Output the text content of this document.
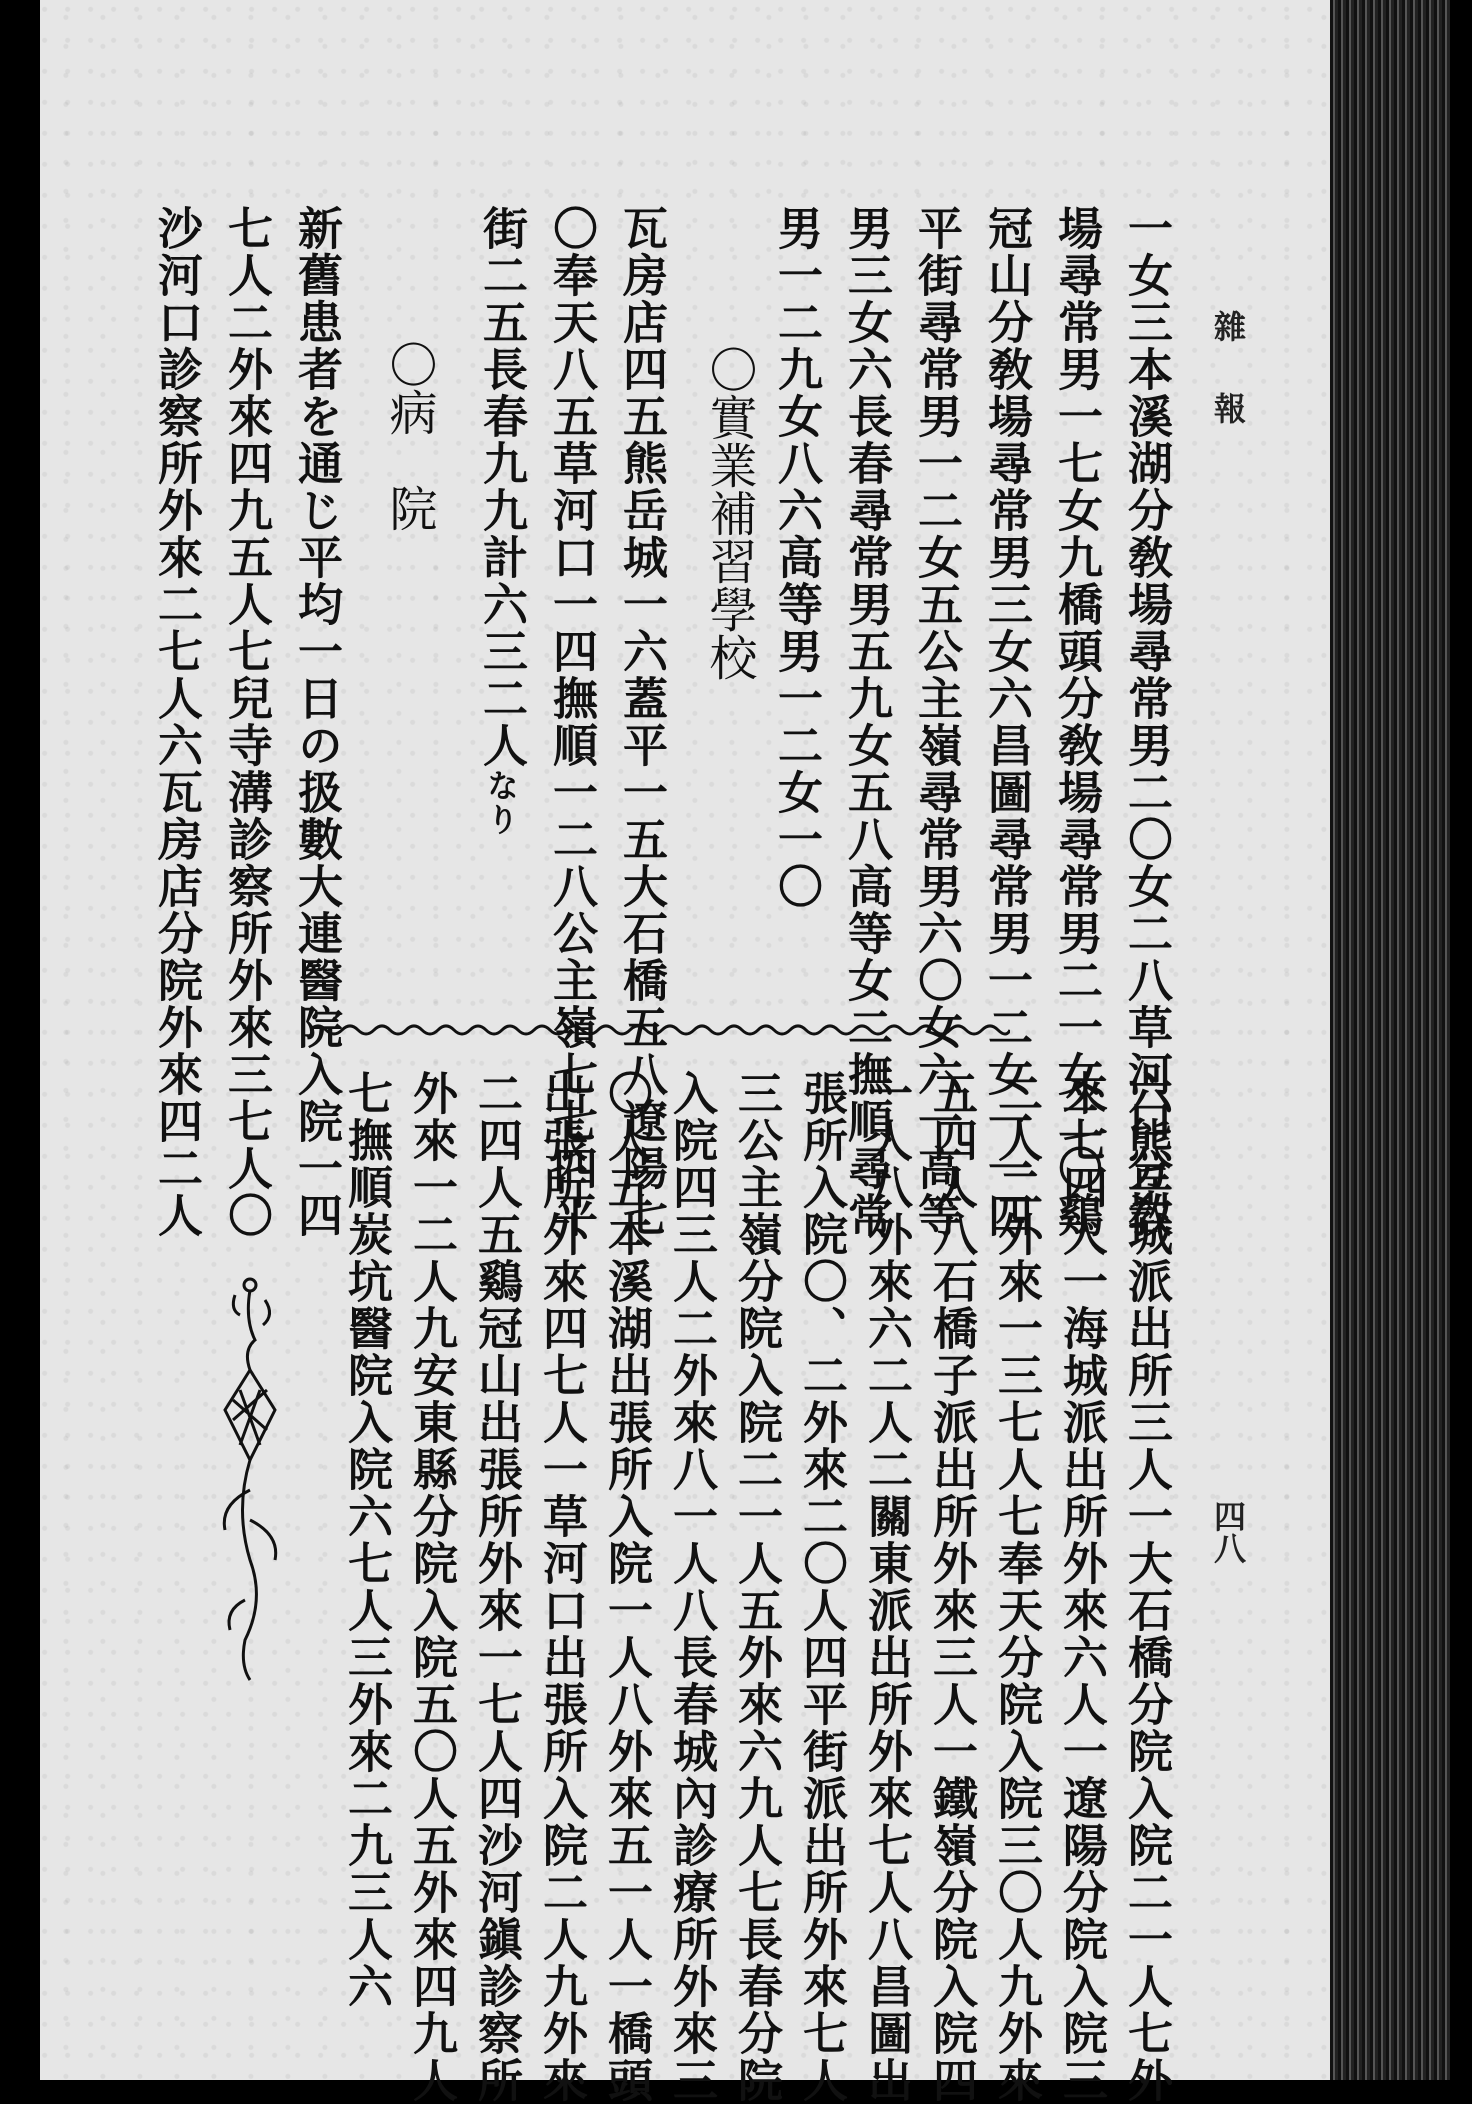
雜報
四八
一女三本溪湖分敎場尋常男二〇女二八草河口分敎
場尋常男一七女九橋頭分敎場尋常男二一女二〇鷄
冠山分敎場尋常男三女六昌圖尋常男一二女一一四
平街尋常男一二女五公主嶺尋常男六〇女六一高等
男三女六長春尋常男五九女五八高等女二撫順尋常
男一二九女八六高等男一二女一〇
〇實業補習學校
瓦房店四五熊岳城一六蓋平一五大石橋五八遼陽七
〇奉天八五草河口一四撫順一二八公主嶺七七四平
街二五長春九九計六三二人なり
〇病　院
新舊患者を通じ平均一日の扱數大連醫院入院一四
七人二外來四九五人七兒寺溝診察所外來三七人〇
沙河口診察所外來二七人六瓦房店分院外來四二人
六熊岳城派出所三人一大石橋分院入院二一人七外
來七四人一海城派出所外來六人一遼陽分院入院三
二人二外來一三七人七奉天分院入院三〇人九外來
五四人八石橋子派出所外來三人一鐵嶺分院入院四
一人八外來六二人二關東派出所外來七人八昌圖出
張所入院〇、二外來二〇人四平街派出所外來七人
三公主嶺分院入院二一人五外來六九人七長春分院
入院四三人二外來八一人八長春城內診療所外來三
〇人五本溪湖出張所入院一人八外來五一人一橋頭
出張所外來四七人一草河口出張所入院二人九外來
二四人五鷄冠山出張所外來一七人四沙河鎭診察所
外來一二人九安東縣分院入院五〇人五外來四九人
七撫順炭坑醫院入院六七人三外來二九三人六
